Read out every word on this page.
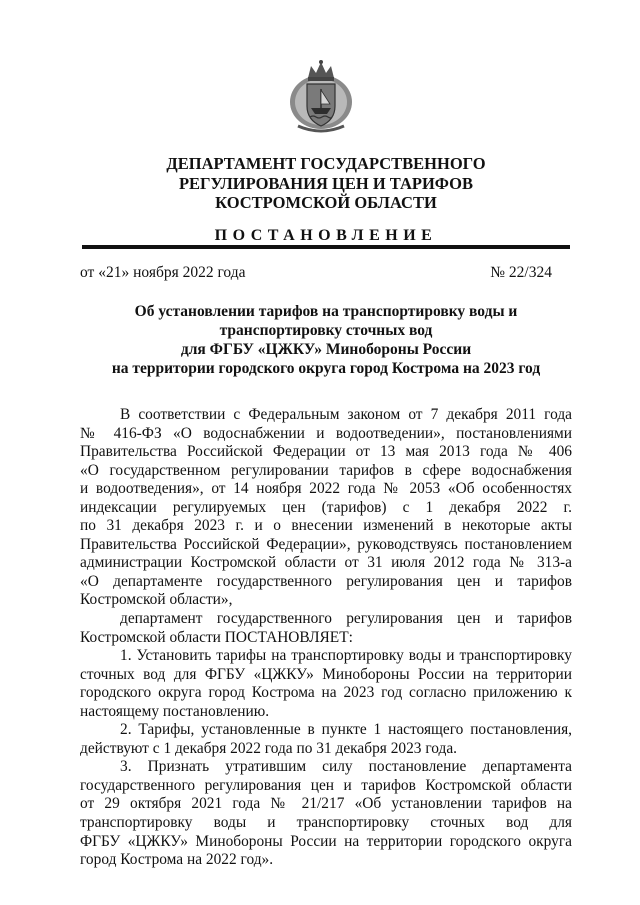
ДЕПАРТАМЕНТ ГОСУДАРСТВЕННОГО
РЕГУЛИРОВАНИЯ ЦЕН И ТАРИФОВ
КОСТРОМСКОЙ ОБЛАСТИ
ПОСТАНОВЛЕНИЕ
от «21» ноября 2022 года	№ 22/324
Об установлении тарифов на транспортировку воды и
транспортировку сточных вод
для ФГБУ «ЦЖКУ» Минобороны России
на территории городского округа город Кострома на 2023 год
В соответствии с Федеральным законом от 7 декабря 2011 года
№ 416-ФЗ «О водоснабжении и водоотведении», постановлениями
Правительства Российской Федерации от 13 мая 2013 года № 406
«О государственном регулировании тарифов в сфере водоснабжения
и водоотведения», от 14 ноября 2022 года № 2053 «Об особенностях
индексации регулируемых цен (тарифов) с 1 декабря 2022 г.
по 31 декабря 2023 г. и о внесении изменений в некоторые акты
Правительства Российской Федерации», руководствуясь постановлением
администрации Костромской области от 31 июля 2012 года № 313-а
«О департаменте государственного регулирования цен и тарифов
Костромской области»,
департамент государственного регулирования цен и тарифов
Костромской области ПОСТАНОВЛЯЕТ:
1. Установить тарифы на транспортировку воды и транспортировку
сточных вод для ФГБУ «ЦЖКУ» Минобороны России на территории
городского округа город Кострома на 2023 год согласно приложению к
настоящему постановлению.
2. Тарифы, установленные в пункте 1 настоящего постановления,
действуют с 1 декабря 2022 года по 31 декабря 2023 года.
3. Признать утратившим силу постановление департамента
государственного регулирования цен и тарифов Костромской области
от 29 октября 2021 года № 21/217 «Об установлении тарифов на
транспортировку воды и транспортировку сточных вод для
ФГБУ «ЦЖКУ» Минобороны России на территории городского округа
город Кострома на 2022 год».
